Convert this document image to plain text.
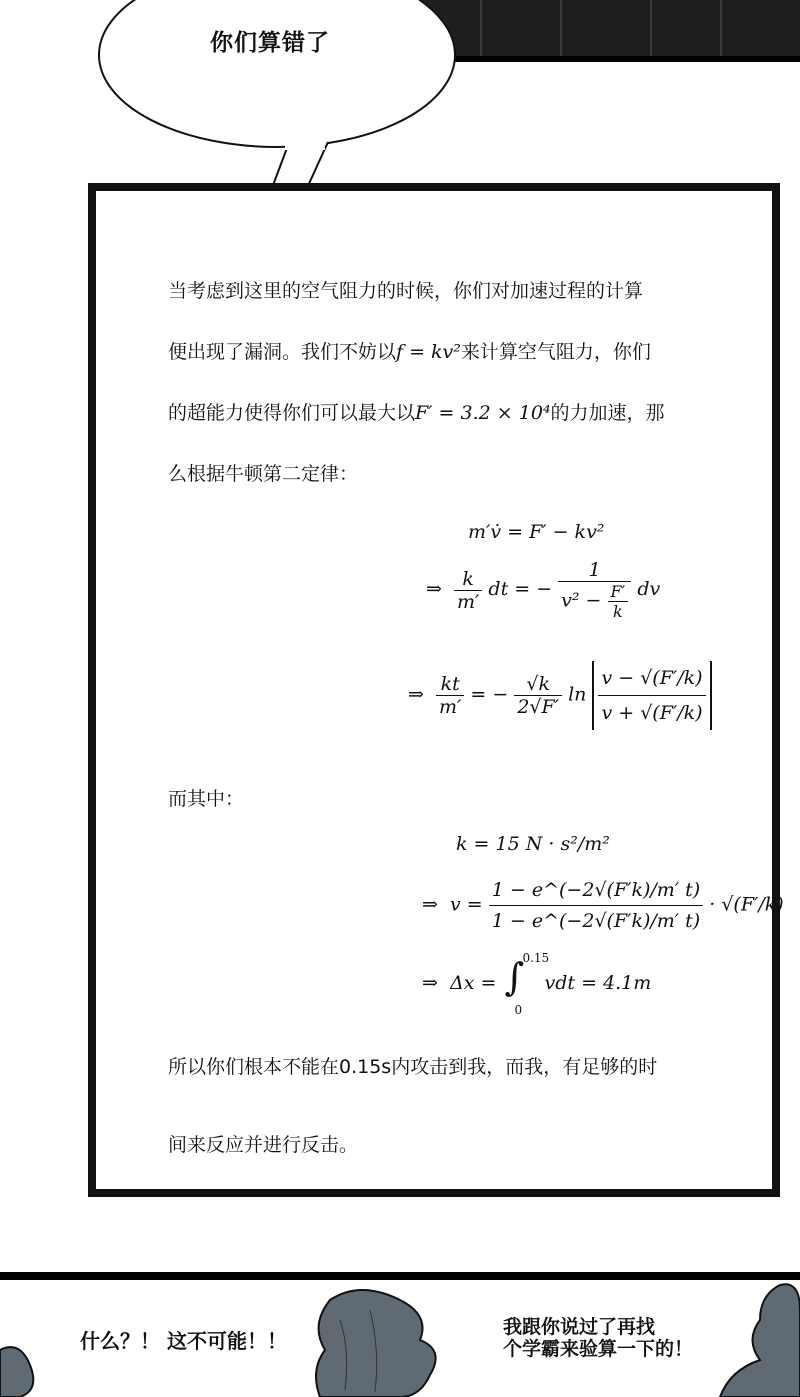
你们算错了
当考虑到这里的空气阻力的时候，你们对加速过程的计算
便出现了漏洞。我们不妨以f = kv²来计算空气阻力，你们
的超能力使得你们可以最大以F′ = 3.2 × 10⁴的力加速，那
么根据牛顿第二定律：
m′v̇ = F′ − kv²
⇒ $\frac{k}{m'}$ dt = − $\frac{1}{v^2 - \frac{F'}{k}}$ dv
⇒ $\frac{kt}{m'}$ = − $\frac{√k}{2√F'}$ $\ln \frac{v - √(F'/k)}{v + √(F'/k)}$
而其中：
k = 15 N · s²/m²
⇒ $v = \frac{1 - e\^{}(-2√(F'k)/m' t)}{1 - e\^{}(-2√(F'k)/m' t)} \cdot √(F'/k)$
⇒ Δx = ∫
0.15
0
vdt = 4.1m
所以你们根本不能在0.15s内攻击到我，而我，有足够的时
间来反应并进行反击。
什么？！ 这不可能！！
我跟你说过了再找
个学霸来验算一下的！
